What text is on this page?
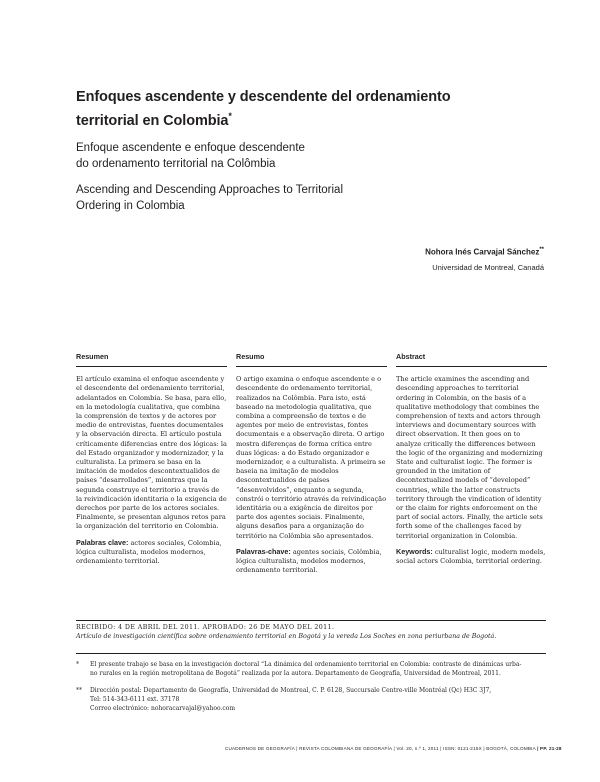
Enfoques ascendente y descendente del ordenamiento territorial en Colombia*
Enfoque ascendente e enfoque descendente
do ordenamento territorial na Colômbia
Ascending and Descending Approaches to Territorial
Ordering in Colombia
Nohora Inés Carvajal Sánchez**
Universidad de Montreal, Canadá
Resumen
El artículo examina el enfoque ascendente y el descendente del ordenamiento territorial, adelantados en Colombia. Se basa, para ello, en la metodología cualitativa, que combina la comprensión de textos y de actores por medio de entrevistas, fuentes documentales y la observación directa. El artículo postula críticamente diferencias entre dos lógicas: la del Estado organizador y modernizador, y la culturalista. La primera se basa en la imitación de modelos descontextualidos de países “desarrollados”, mientras que la segunda construye el territorio a través de la reivindicación identitaria o la exigencia de derechos por parte de los actores sociales. Finalmente, se presentan algunos retos para la organización del territorio en Colombia.
Palabras clave: actores sociales, Colombia, lógica culturalista, modelos modernos, ordenamiento territorial.
Resumo
O artigo examina o enfoque ascendente e o descendente do ordenamento territorial, realizados na Colômbia. Para isto, está baseado na metodologia qualitativa, que combina a compreensão de textos e de agentes por meio de entrevistas, fontes documentais e a observação direta. O artigo mostra diferenças de forma crítica entre duas lógicas: a do Estado organizador e modernizador, e a culturalista. A primeira se baseia na imitação de modelos descontextualidos de países “desenvolvidos”, enquanto a segunda, constrói o território através da reivindicação identitária ou a exigência de direitos por parte dos agentes sociais. Finalmente, alguns desafios para a organização do território na Colômbia são apresentados.
Palavras-chave: agentes sociais, Colômbia, lógica culturalista, modelos modernos, ordenamento territorial.
Abstract
The article examines the ascending and descending approaches to territorial ordering in Colombia, on the basis of a qualitative methodology that combines the comprehension of texts and actors through interviews and documentary sources with direct observation. It then goes on to analyze critically the differences between the logic of the organizing and modernizing State and culturalist logic. The former is grounded in the imitation of decontextualized models of “developed” countries, while the latter constructs territory through the vindication of identity or the claim for rights enforcement on the part of social actors. Finally, the article sets forth some of the challenges faced by territorial organization in Colombia.
Keywords: culturalist logic, modern models, social actors Colombia, territorial ordering.
RECIBIDO: 4 DE ABRIL DEL 2011. APROBADO: 26 DE MAYO DEL 2011.
Artículo de investigación científica sobre ordenamiento territorial en Bogotá y la vereda Los Soches en zona periurbana de Bogotá.
*	El presente trabajo se basa en la investigación doctoral “La dinámica del ordenamiento territorial en Colombia: contraste de dinámicas urba-
no rurales en la región metropolitana de Bogotá” realizada por la autora. Departamento de Geografía, Universidad de Montreal, 2011.
**	Dirección postal: Departamento de Geografía, Universidad de Montreal, C. P. 6128, Succursale Centre-ville Montréal (Qc) H3C 3J7,
Tel: 514-343-6111 ext. 37178
Correo electrónico: nohoracarvajal@yahoo.com
CUADERNOS DE GEOGRAFÍA | REVISTA COLOMBIANA DE GEOGRAFÍA | Vol. 20, n.º 1, 2011 | ISSN: 0121-215X | BOGOTÁ, COLOMBIA | PP. 21-28
